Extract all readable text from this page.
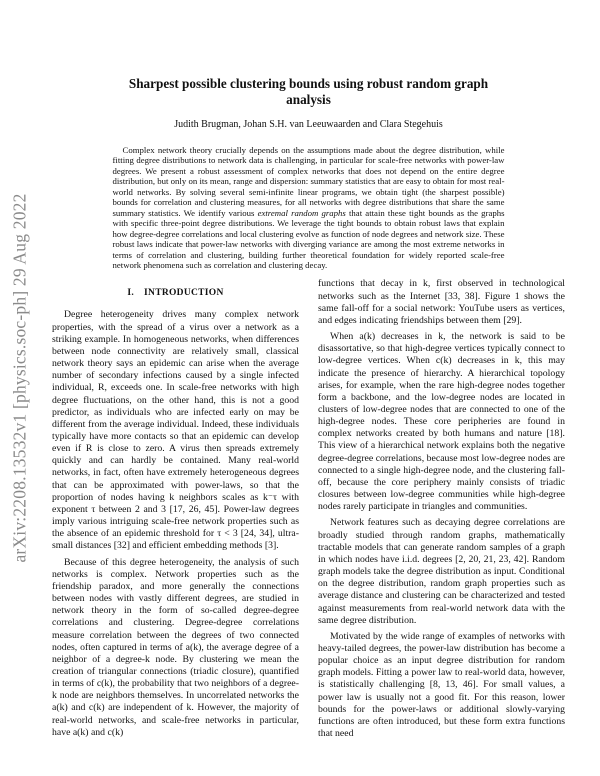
arXiv:2208.13532v1 [physics.soc-ph] 29 Aug 2022
Sharpest possible clustering bounds using robust random graph analysis
Judith Brugman, Johan S.H. van Leeuwaarden and Clara Stegehuis
Complex network theory crucially depends on the assumptions made about the degree distribution, while fitting degree distributions to network data is challenging, in particular for scale-free networks with power-law degrees. We present a robust assessment of complex networks that does not depend on the entire degree distribution, but only on its mean, range and dispersion: summary statistics that are easy to obtain for most real-world networks. By solving several semi-infinite linear programs, we obtain tight (the sharpest possible) bounds for correlation and clustering measures, for all networks with degree distributions that share the same summary statistics. We identify various extremal random graphs that attain these tight bounds as the graphs with specific three-point degree distributions. We leverage the tight bounds to obtain robust laws that explain how degree-degree correlations and local clustering evolve as function of node degrees and network size. These robust laws indicate that power-law networks with diverging variance are among the most extreme networks in terms of correlation and clustering, building further theoretical foundation for widely reported scale-free network phenomena such as correlation and clustering decay.
I. INTRODUCTION

Degree heterogeneity drives many complex network properties, with the spread of a virus over a network as a striking example. In homogeneous networks, when differences between node connectivity are relatively small, classical network theory says an epidemic can arise when the average number of secondary infections caused by a single infected individual, R, exceeds one. In scale-free networks with high degree fluctuations, on the other hand, this is not a good predictor, as individuals who are infected early on may be different from the average individual. Indeed, these individuals typically have more contacts so that an epidemic can develop even if R is close to zero. A virus then spreads extremely quickly and can hardly be contained. Many real-world networks, in fact, often have extremely heterogeneous degrees that can be approximated with power-laws, so that the proportion of nodes having k neighbors scales as k⁻τ with exponent τ between 2 and 3 [17, 26, 45]. Power-law degrees imply various intriguing scale-free network properties such as the absence of an epidemic threshold for τ < 3 [24, 34], ultra-small distances [32] and efficient embedding methods [3].

Because of this degree heterogeneity, the analysis of such networks is complex. Network properties such as the friendship paradox, and more generally the connections between nodes with vastly different degrees, are studied in network theory in the form of so-called degree-degree correlations and clustering. Degree-degree correlations measure correlation between the degrees of two connected nodes, often captured in terms of a(k), the average degree of a neighbor of a degree-k node. By clustering we mean the creation of triangular connections (triadic closure), quantified in terms of c(k), the probability that two neighbors of a degree-k node are neighbors themselves. In uncorrelated networks the a(k) and c(k) are independent of k. However, the majority of real-world networks, and scale-free networks in particular, have a(k) and c(k)

functions that decay in k, first observed in technological networks such as the Internet [33, 38]. Figure 1 shows the same fall-off for a social network: YouTube users as vertices, and edges indicating friendships between them [29].

When a(k) decreases in k, the network is said to be disassortative, so that high-degree vertices typically connect to low-degree vertices. When c(k) decreases in k, this may indicate the presence of hierarchy. A hierarchical topology arises, for example, when the rare high-degree nodes together form a backbone, and the low-degree nodes are located in clusters of low-degree nodes that are connected to one of the high-degree nodes. These core peripheries are found in complex networks created by both humans and nature [18]. This view of a hierarchical network explains both the negative degree-degree correlations, because most low-degree nodes are connected to a single high-degree node, and the clustering fall-off, because the core periphery mainly consists of triadic closures between low-degree communities while high-degree nodes rarely participate in triangles and communities.

Network features such as decaying degree correlations are broadly studied through random graphs, mathematically tractable models that can generate random samples of a graph in which nodes have i.i.d. degrees [2, 20, 21, 23, 42]. Random graph models take the degree distribution as input. Conditional on the degree distribution, random graph properties such as average distance and clustering can be characterized and tested against measurements from real-world network data with the same degree distribution.

Motivated by the wide range of examples of networks with heavy-tailed degrees, the power-law distribution has become a popular choice as an input degree distribution for random graph models. Fitting a power law to real-world data, however, is statistically challenging [8, 13, 46]. For small values, a power law is usually not a good fit. For this reason, lower bounds for the power-laws or additional slowly-varying functions are often introduced, but these form extra functions that need
